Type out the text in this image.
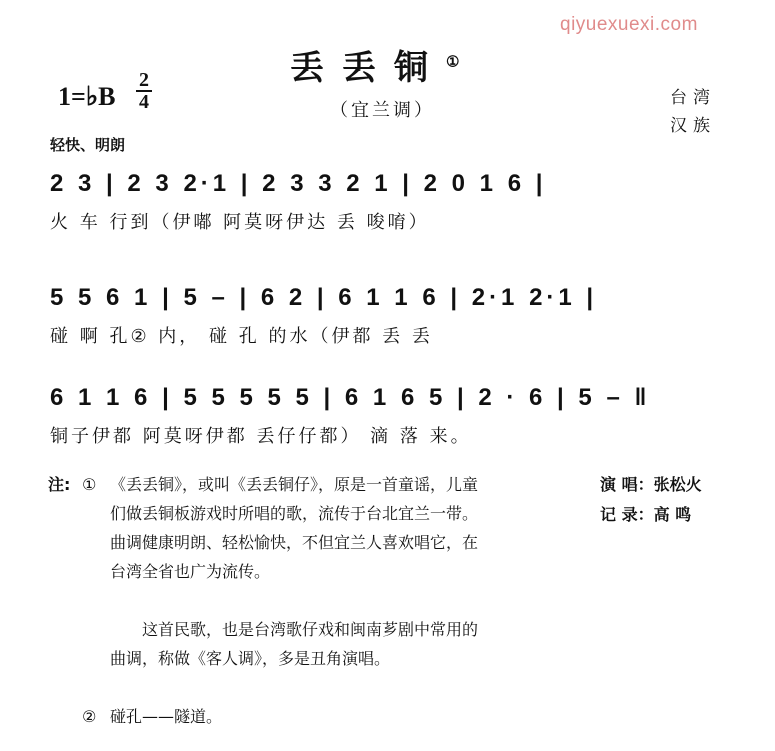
qiyuexuexi.com
丢丢铜①
（宜兰调）
1=♭B
2
4
轻快、明朗
台湾
汉族
2 3 | 2 3 2·1 | 2 3 3 2 1 | 2 0 1 6 |
火 车 行到（伊嘟 阿莫呀伊达 丢 唆唷）
5 5 6 1 | 5 – | 6 2 | 6 1 1 6 | 2·1 2·1 |
碰 啊 孔② 内， 碰 孔 的水（伊都 丢 丢
6 1 1 6 | 5 5 5 5 5 | 6 1 6 5 | 2 · 6 | 5 – ‖
铜子伊都 阿莫呀伊都 丢仔仔都） 滴 落 来。
注: ① 《丢丢铜》，或叫《丢丢铜仔》，原是一首童谣，儿童们做丢铜板游戏时所唱的歌，流传于台北宜兰一带。曲调健康明朗、轻松愉快，不但宜兰人喜欢唱它，在台湾全省也广为流传。
这首民歌，也是台湾歌仔戏和闽南芗剧中常用的曲调，称做《客人调》，多是丑角演唱。
② 碰孔——隧道。
演 唱：张松火
记 录：高 鸣
